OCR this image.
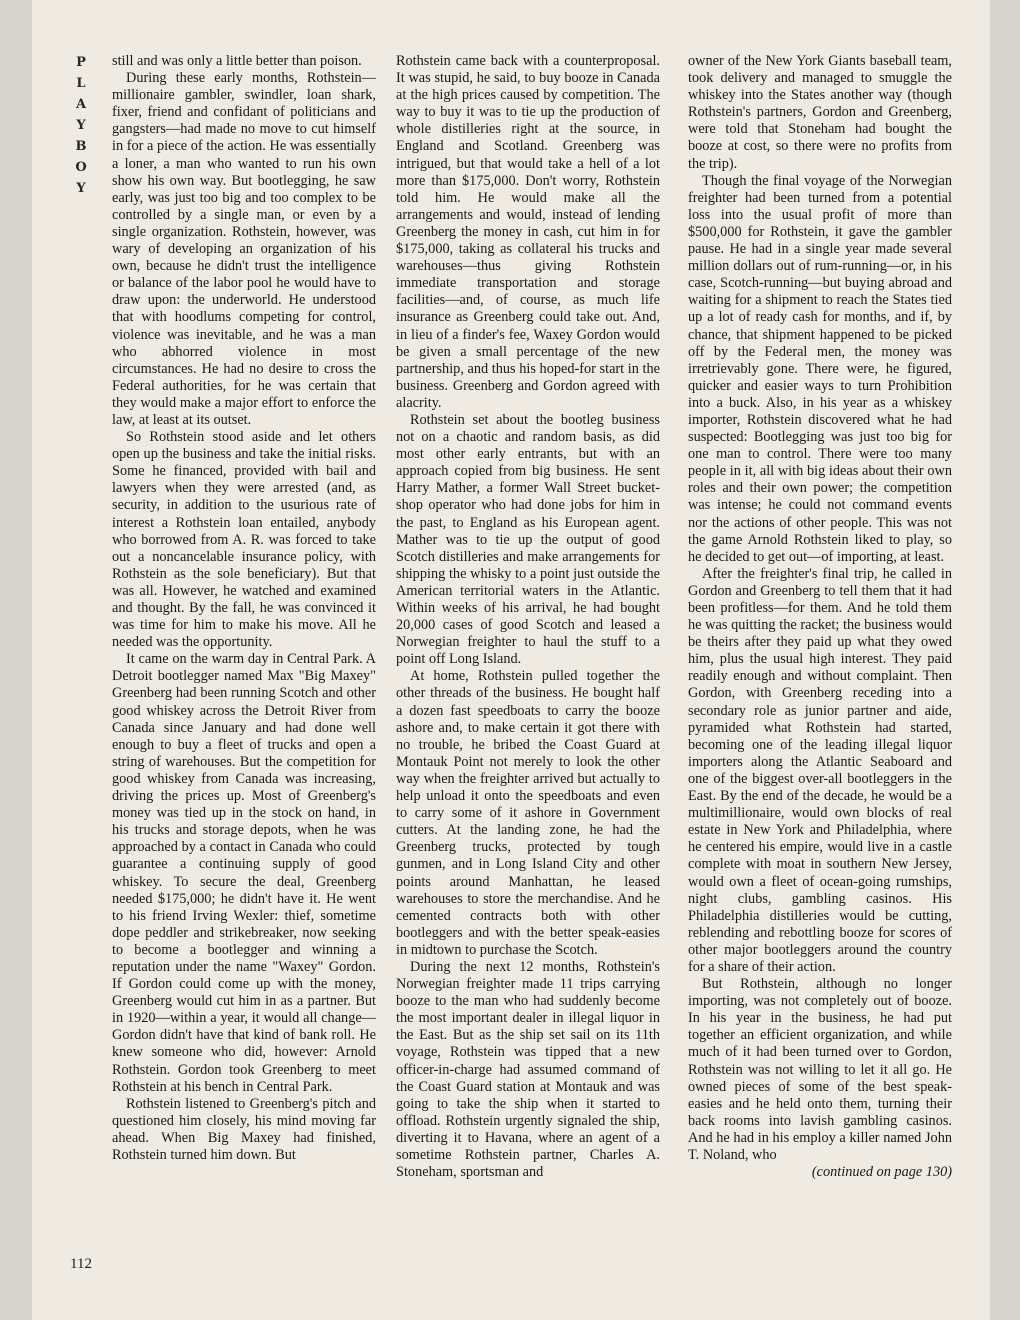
P
L
A
Y
B
O
Y
112

still and was only a little better than poison.

During these early months, Rothstein—millionaire gambler, swindler, loan shark, fixer, friend and confidant of politicians and gangsters—had made no move to cut himself in for a piece of the action. He was essentially a loner, a man who wanted to run his own show his own way. But bootlegging, he saw early, was just too big and too complex to be controlled by a single man, or even by a single organization. Rothstein, however, was wary of developing an organization of his own, because he didn't trust the intelligence or balance of the labor pool he would have to draw upon: the underworld. He understood that with hoodlums competing for control, violence was inevitable, and he was a man who abhorred violence in most circumstances. He had no desire to cross the Federal authorities, for he was certain that they would make a major effort to enforce the law, at least at its outset.

So Rothstein stood aside and let others open up the business and take the initial risks. Some he financed, provided with bail and lawyers when they were arrested (and, as security, in addition to the usurious rate of interest a Rothstein loan entailed, anybody who borrowed from A. R. was forced to take out a noncancelable insurance policy, with Rothstein as the sole beneficiary). But that was all. However, he watched and examined and thought. By the fall, he was convinced it was time for him to make his move. All he needed was the opportunity.

It came on the warm day in Central Park. A Detroit bootlegger named Max "Big Maxey" Greenberg had been running Scotch and other good whiskey across the Detroit River from Canada since January and had done well enough to buy a fleet of trucks and open a string of warehouses. But the competition for good whiskey from Canada was increasing, driving the prices up. Most of Greenberg's money was tied up in the stock on hand, in his trucks and storage depots, when he was approached by a contact in Canada who could guarantee a continuing supply of good whiskey. To secure the deal, Greenberg needed $175,000; he didn't have it. He went to his friend Irving Wexler: thief, sometime dope peddler and strikebreaker, now seeking to become a bootlegger and winning a reputation under the name "Waxey" Gordon. If Gordon could come up with the money, Greenberg would cut him in as a partner. But in 1920—within a year, it would all change—Gordon didn't have that kind of bank roll. He knew someone who did, however: Arnold Rothstein. Gordon took Greenberg to meet Rothstein at his bench in Central Park.

Rothstein listened to Greenberg's pitch and questioned him closely, his mind moving far ahead. When Big Maxey had finished, Rothstein turned him down. But

Rothstein came back with a counterproposal. It was stupid, he said, to buy booze in Canada at the high prices caused by competition. The way to buy it was to tie up the production of whole distilleries right at the source, in England and Scotland. Greenberg was intrigued, but that would take a hell of a lot more than $175,000. Don't worry, Rothstein told him. He would make all the arrangements and would, instead of lending Greenberg the money in cash, cut him in for $175,000, taking as collateral his trucks and warehouses—thus giving Rothstein immediate transportation and storage facilities—and, of course, as much life insurance as Greenberg could take out. And, in lieu of a finder's fee, Waxey Gordon would be given a small percentage of the new partnership, and thus his hoped-for start in the business. Greenberg and Gordon agreed with alacrity.

Rothstein set about the bootleg business not on a chaotic and random basis, as did most other early entrants, but with an approach copied from big business. He sent Harry Mather, a former Wall Street bucket-shop operator who had done jobs for him in the past, to England as his European agent. Mather was to tie up the output of good Scotch distilleries and make arrangements for shipping the whisky to a point just outside the American territorial waters in the Atlantic. Within weeks of his arrival, he had bought 20,000 cases of good Scotch and leased a Norwegian freighter to haul the stuff to a point off Long Island.

At home, Rothstein pulled together the other threads of the business. He bought half a dozen fast speedboats to carry the booze ashore and, to make certain it got there with no trouble, he bribed the Coast Guard at Montauk Point not merely to look the other way when the freighter arrived but actually to help unload it onto the speedboats and even to carry some of it ashore in Government cutters. At the landing zone, he had the Greenberg trucks, protected by tough gunmen, and in Long Island City and other points around Manhattan, he leased warehouses to store the merchandise. And he cemented contracts both with other bootleggers and with the better speak-easies in midtown to purchase the Scotch.

During the next 12 months, Rothstein's Norwegian freighter made 11 trips carrying booze to the man who had suddenly become the most important dealer in illegal liquor in the East. But as the ship set sail on its 11th voyage, Rothstein was tipped that a new officer-in-charge had assumed command of the Coast Guard station at Montauk and was going to take the ship when it started to offload. Rothstein urgently signaled the ship, diverting it to Havana, where an agent of a sometime Rothstein partner, Charles A. Stoneham, sportsman and

owner of the New York Giants baseball team, took delivery and managed to smuggle the whiskey into the States another way (though Rothstein's partners, Gordon and Greenberg, were told that Stoneham had bought the booze at cost, so there were no profits from the trip).

Though the final voyage of the Norwegian freighter had been turned from a potential loss into the usual profit of more than $500,000 for Rothstein, it gave the gambler pause. He had in a single year made several million dollars out of rum-running—or, in his case, Scotch-running—but buying abroad and waiting for a shipment to reach the States tied up a lot of ready cash for months, and if, by chance, that shipment happened to be picked off by the Federal men, the money was irretrievably gone. There were, he figured, quicker and easier ways to turn Prohibition into a buck. Also, in his year as a whiskey importer, Rothstein discovered what he had suspected: Bootlegging was just too big for one man to control. There were too many people in it, all with big ideas about their own roles and their own power; the competition was intense; he could not command events nor the actions of other people. This was not the game Arnold Rothstein liked to play, so he decided to get out—of importing, at least.

After the freighter's final trip, he called in Gordon and Greenberg to tell them that it had been profitless—for them. And he told them he was quitting the racket; the business would be theirs after they paid up what they owed him, plus the usual high interest. They paid readily enough and without complaint. Then Gordon, with Greenberg receding into a secondary role as junior partner and aide, pyramided what Rothstein had started, becoming one of the leading illegal liquor importers along the Atlantic Seaboard and one of the biggest over-all bootleggers in the East. By the end of the decade, he would be a multimillionaire, would own blocks of real estate in New York and Philadelphia, where he centered his empire, would live in a castle complete with moat in southern New Jersey, would own a fleet of ocean-going rumships, night clubs, gambling casinos. His Philadelphia distilleries would be cutting, reblending and rebottling booze for scores of other major bootleggers around the country for a share of their action.

But Rothstein, although no longer importing, was not completely out of booze. In his year in the business, he had put together an efficient organization, and while much of it had been turned over to Gordon, Rothstein was not willing to let it all go. He owned pieces of some of the best speak-easies and he held onto them, turning their back rooms into lavish gambling casinos. And he had in his employ a killer named John T. Noland, who

(continued on page 130)
